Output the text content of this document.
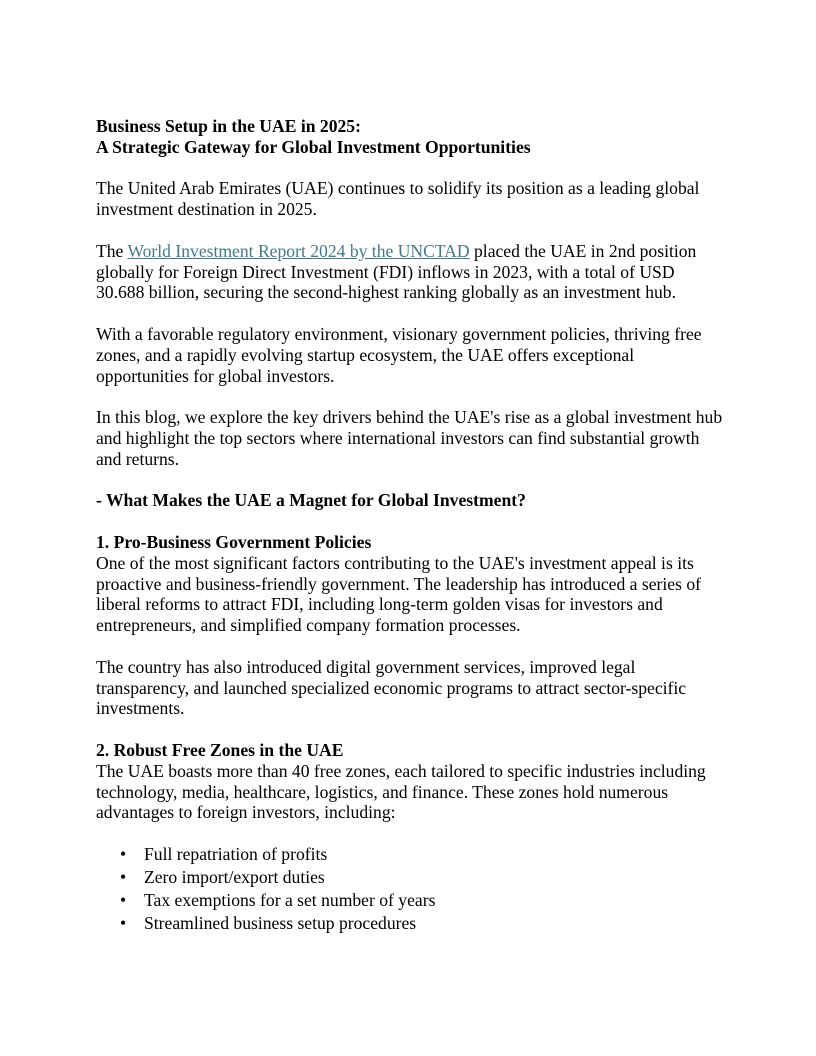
Business Setup in the UAE in 2025:
A Strategic Gateway for Global Investment Opportunities

The United Arab Emirates (UAE) continues to solidify its position as a leading global investment destination in 2025.

The World Investment Report 2024 by the UNCTAD placed the UAE in 2nd position globally for Foreign Direct Investment (FDI) inflows in 2023, with a total of USD 30.688 billion, securing the second-highest ranking globally as an investment hub.

With a favorable regulatory environment, visionary government policies, thriving free zones, and a rapidly evolving startup ecosystem, the UAE offers exceptional opportunities for global investors.

In this blog, we explore the key drivers behind the UAE's rise as a global investment hub and highlight the top sectors where international investors can find substantial growth and returns.

- What Makes the UAE a Magnet for Global Investment?

1. Pro-Business Government Policies

One of the most significant factors contributing to the UAE's investment appeal is its proactive and business-friendly government. The leadership has introduced a series of liberal reforms to attract FDI, including long-term golden visas for investors and entrepreneurs, and simplified company formation processes.

The country has also introduced digital government services, improved legal transparency, and launched specialized economic programs to attract sector-specific investments.

2. Robust Free Zones in the UAE

The UAE boasts more than 40 free zones, each tailored to specific industries including technology, media, healthcare, logistics, and finance. These zones hold numerous advantages to foreign investors, including:

• Full repatriation of profits
• Zero import/export duties
• Tax exemptions for a set number of years
• Streamlined business setup procedures
